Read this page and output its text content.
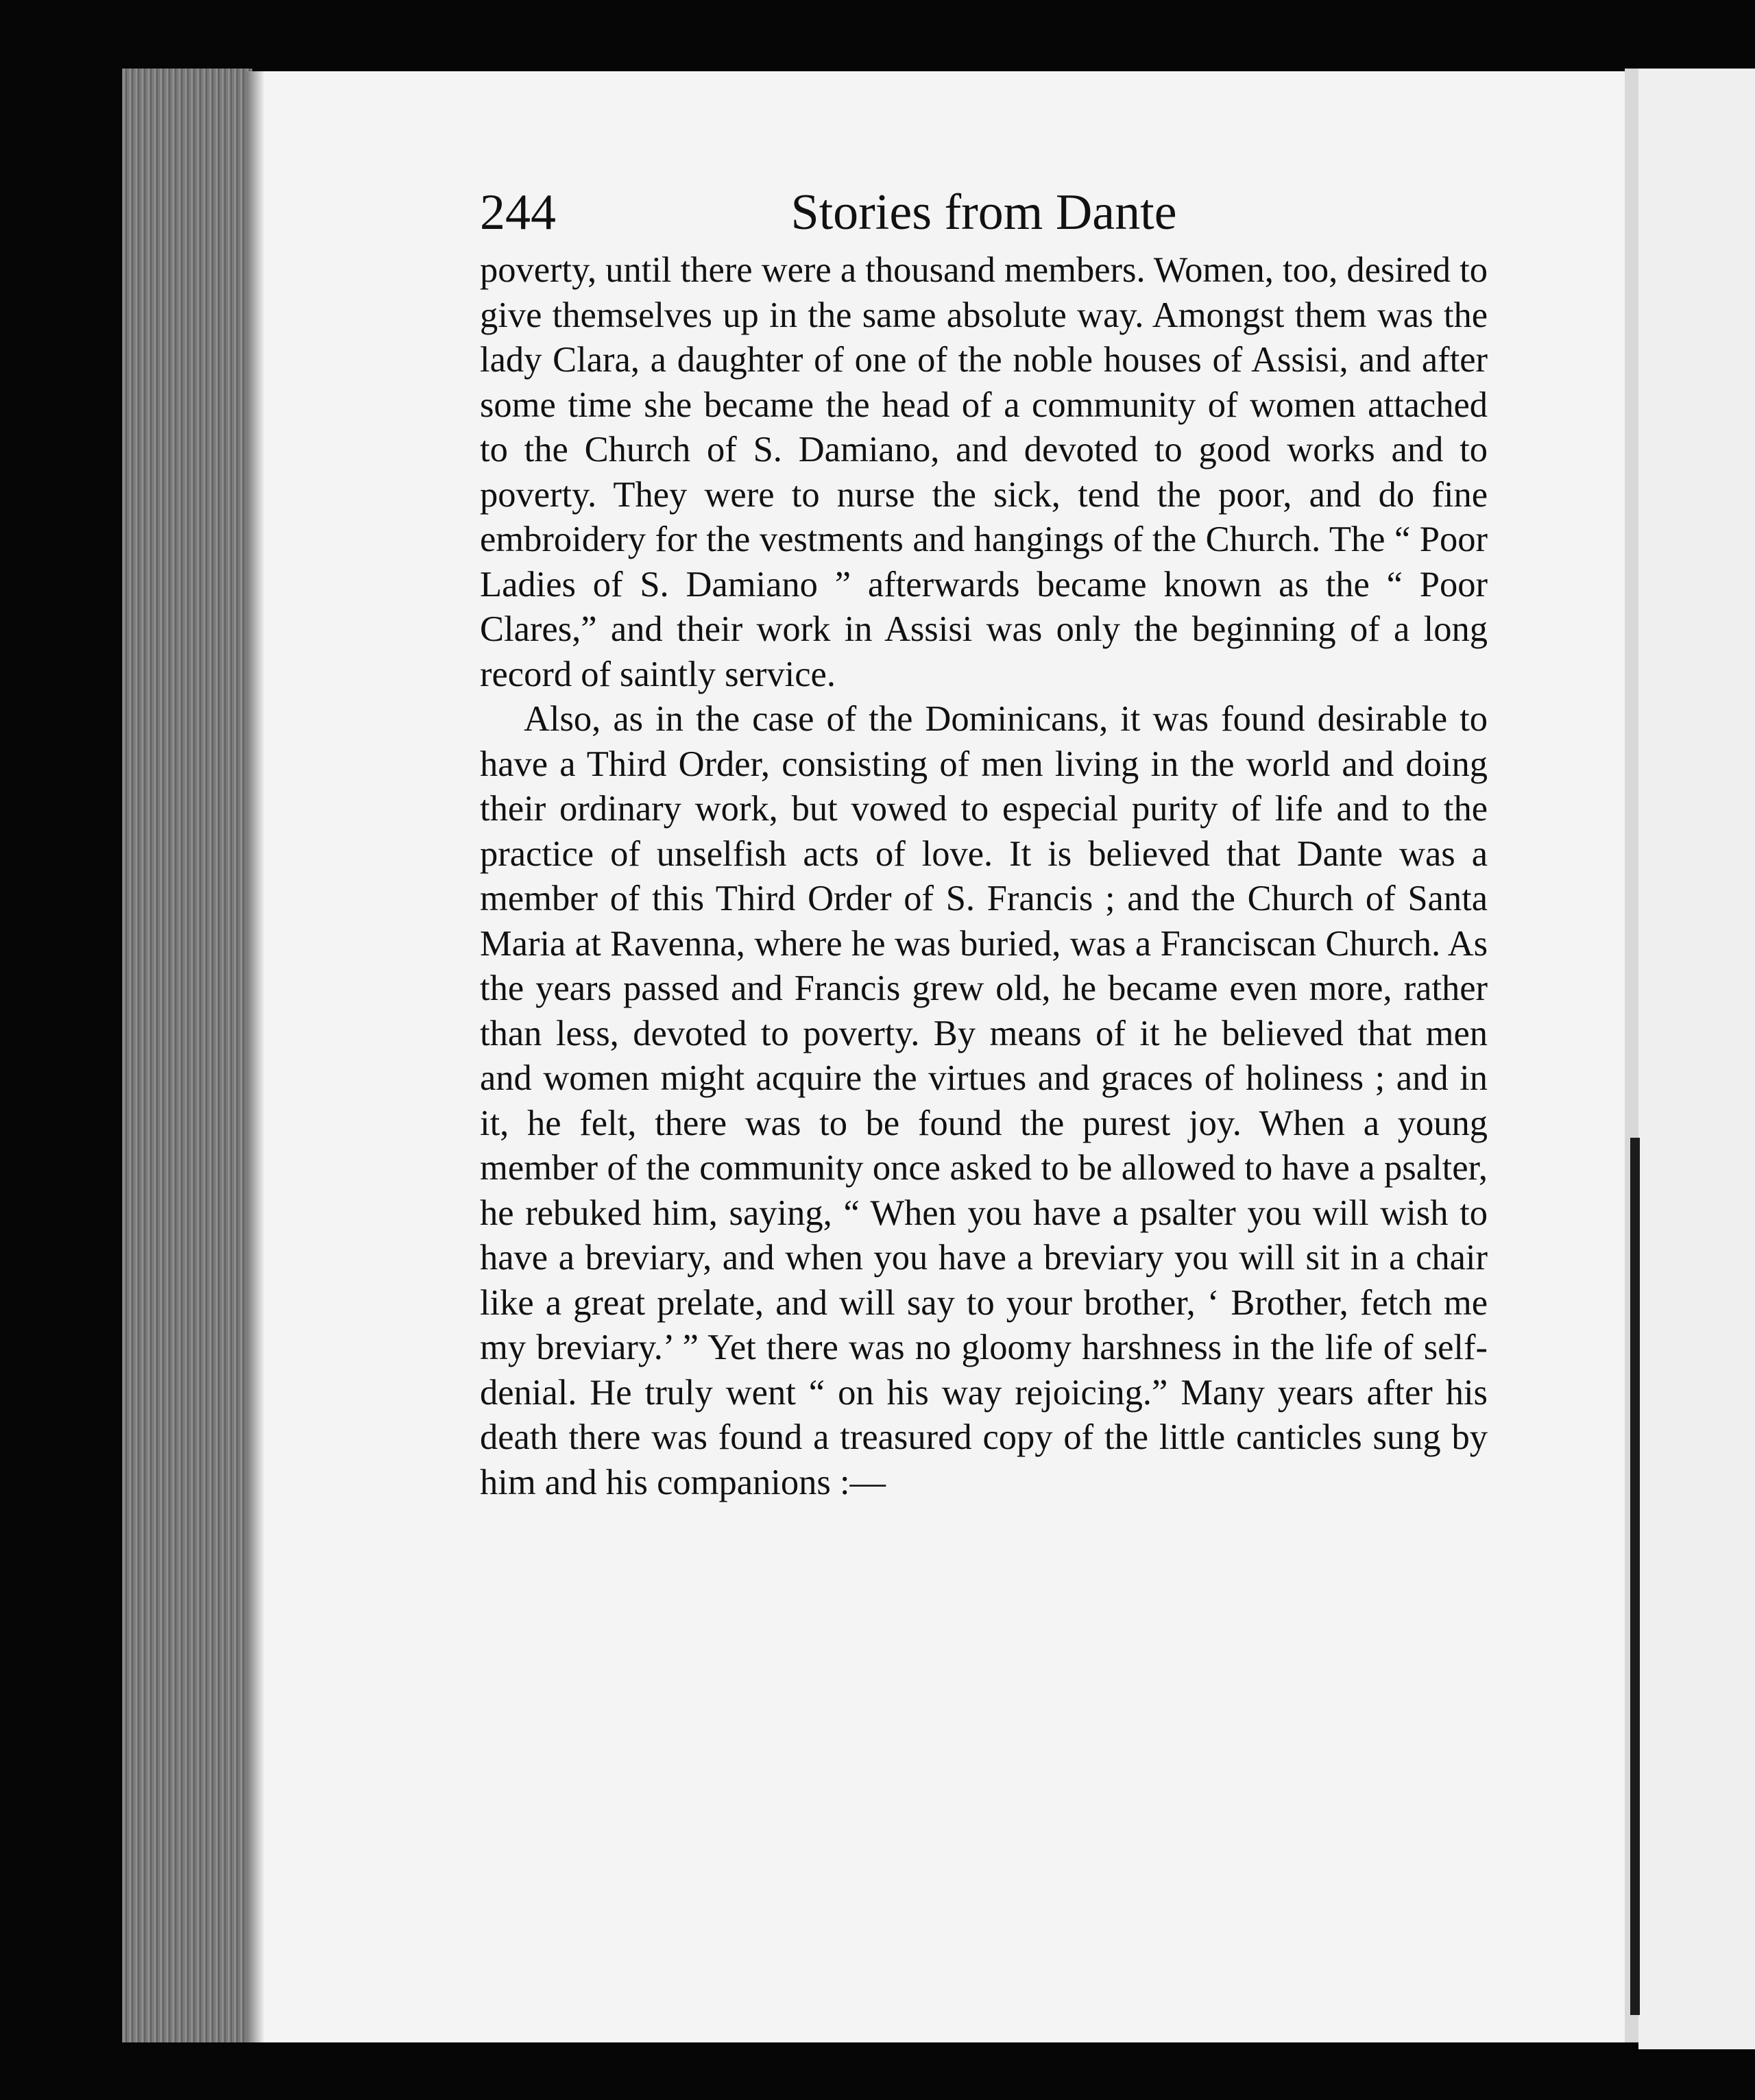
244	Stories from Dante

poverty, until there were a thousand members. Women, too, desired to give themselves up in the same absolute way. Amongst them was the lady Clara, a daughter of one of the noble houses of Assisi, and after some time she became the head of a community of women attached to the Church of S. Damiano, and devoted to good works and to poverty. They were to nurse the sick, tend the poor, and do fine embroidery for the vestments and hangings of the Church. The “ Poor Ladies of S. Damiano ” afterwards became known as the “ Poor Clares,” and their work in Assisi was only the beginning of a long record of saintly service.

Also, as in the case of the Dominicans, it was found desirable to have a Third Order, consisting of men living in the world and doing their ordinary work, but vowed to especial purity of life and to the practice of unselfish acts of love. It is believed that Dante was a member of this Third Order of S. Francis ; and the Church of Santa Maria at Ravenna, where he was buried, was a Franciscan Church. As the years passed and Francis grew old, he became even more, rather than less, devoted to poverty. By means of it he believed that men and women might acquire the virtues and graces of holiness ; and in it, he felt, there was to be found the purest joy. When a young member of the community once asked to be allowed to have a psalter, he rebuked him, saying, “ When you have a psalter you will wish to have a breviary, and when you have a breviary you will sit in a chair like a great prelate, and will say to your brother, ‘ Brother, fetch me my breviary.’ ” Yet there was no gloomy harshness in the life of self-denial. He truly went “ on his way rejoicing.” Many years after his death there was found a treasured copy of the little canticles sung by him and his companions :—
